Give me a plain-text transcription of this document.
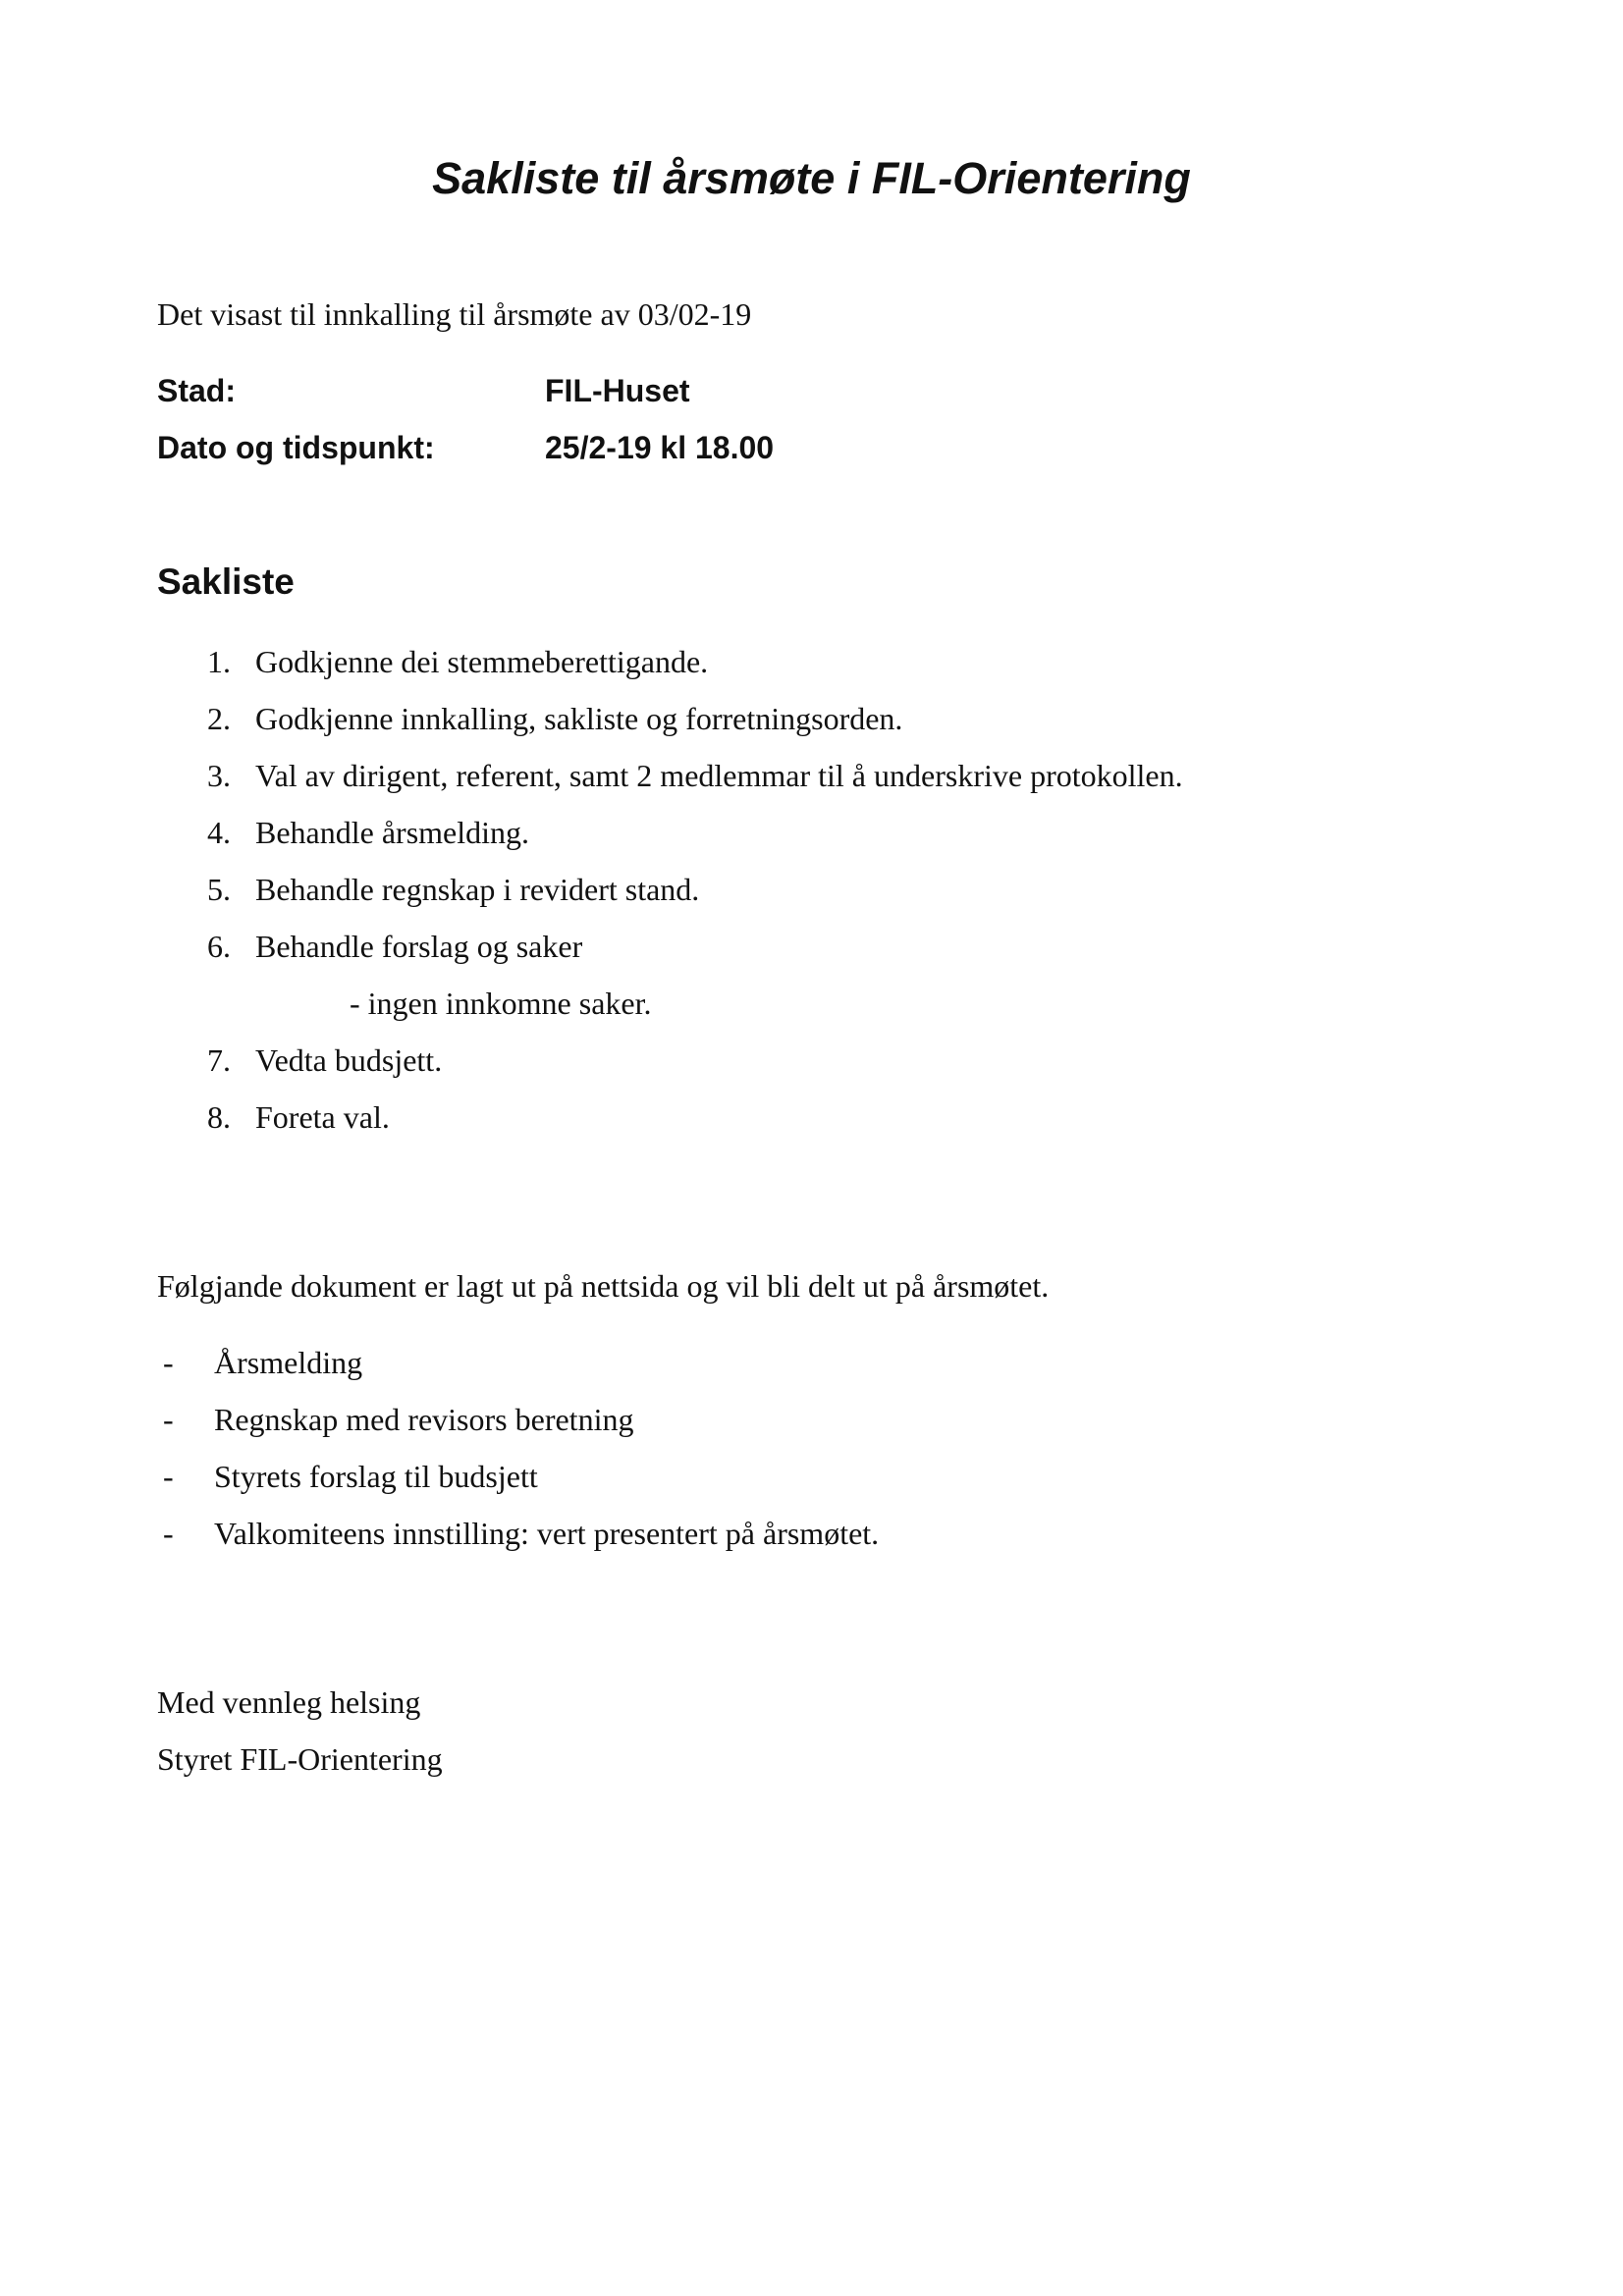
Sakliste til årsmøte i FIL-Orientering

Det visast til innkalling til årsmøte av 03/02-19

Stad:	FIL-Huset

Dato og tidspunkt:	25/2-19 kl 18.00

Sakliste
1. Godkjenne dei stemmeberettigande.
2. Godkjenne innkalling, sakliste og forretningsorden.
3. Val av dirigent, referent, samt 2 medlemmar til å underskrive protokollen.
4. Behandle årsmelding.
5. Behandle regnskap i revidert stand.
6. Behandle forslag og saker

- ingen innkomne saker.

7. Vedta budsjett.
8. Foreta val.

Følgjande dokument er lagt ut på nettsida og vil bli delt ut på årsmøtet.

- Årsmelding
- Regnskap med revisors beretning
- Styrets forslag til budsjett
- Valkomiteens innstilling: vert presentert på årsmøtet.

Med vennleg helsing

Styret FIL-Orientering
